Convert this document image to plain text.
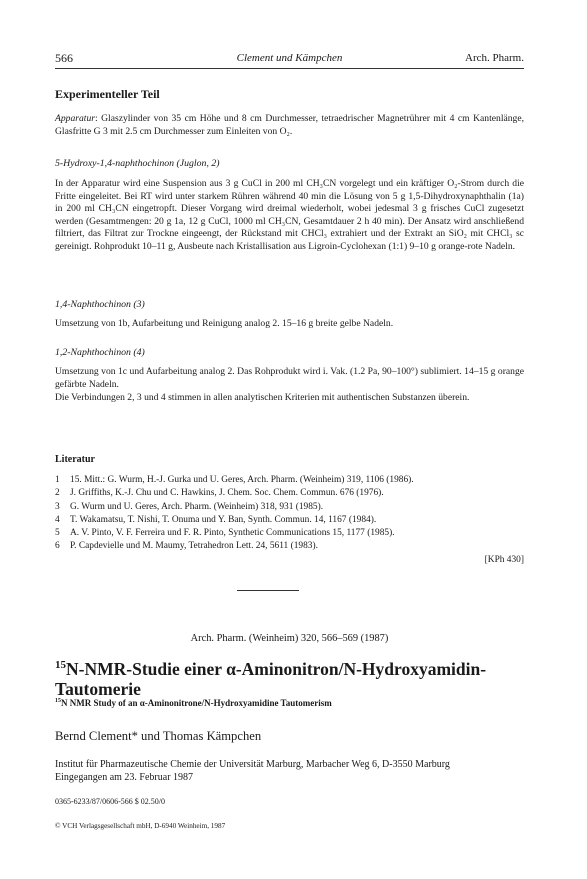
566	Clement und Kämpchen	Arch. Pharm.
Experimenteller Teil
Apparatur: Glaszylinder von 35 cm Höhe und 8 cm Durchmesser, tetraedrischer Magnetrührer mit 4 cm Kantenlänge, Glasfritte G 3 mit 2.5 cm Durchmesser zum Einleiten von O₂.
5-Hydroxy-1,4-naphthochinon (Juglon, 2)
In der Apparatur wird eine Suspension aus 3 g CuCl in 200 ml CH₃CN vorgelegt und ein kräftiger O₂-Strom durch die Fritte eingeleitet. Bei RT wird unter starkem Rühren während 40 min die Lösung von 5 g 1,5-Dihydroxynaphthalin (1a) in 200 ml CH₃CN eingetropft. Dieser Vorgang wird dreimal wiederholt, wobei jedesmal 3 g frisches CuCl zugesetzt werden (Gesamtmengen: 20 g 1a, 12 g CuCl, 1000 ml CH₃CN, Gesamtdauer 2 h 40 min). Der Ansatz wird anschließend filtriert, das Filtrat zur Trockne eingeengt, der Rückstand mit CHCl₃ extrahiert und der Extrakt an SiO₂ mit CHCl₃ sc gereinigt. Rohprodukt 10–11 g, Ausbeute nach Kristallisation aus Ligroin-Cyclohexan (1:1) 9–10 g orange-rote Nadeln.
1,4-Naphthochinon (3)
Umsetzung von 1b, Aufarbeitung und Reinigung analog 2. 15–16 g breite gelbe Nadeln.
1,2-Naphthochinon (4)
Umsetzung von 1c und Aufarbeitung analog 2. Das Rohprodukt wird i. Vak. (1.2 Pa, 90–100°) sublimiert. 14–15 g orange gefärbte Nadeln.
Die Verbindungen 2, 3 und 4 stimmen in allen analytischen Kriterien mit authentischen Substanzen überein.
Literatur
1	15. Mitt.: G. Wurm, H.-J. Gurka und U. Geres, Arch. Pharm. (Weinheim) 319, 1106 (1986).
2	J. Griffiths, K.-J. Chu und C. Hawkins, J. Chem. Soc. Chem. Commun. 676 (1976).
3	G. Wurm und U. Geres, Arch. Pharm. (Weinheim) 318, 931 (1985).
4	T. Wakamatsu, T. Nishi, T. Onuma und Y. Ban, Synth. Commun. 14, 1167 (1984).
5	A. V. Pinto, V. F. Ferreira und F. R. Pinto, Synthetic Communications 15, 1177 (1985).
6	P. Capdevielle und M. Maumy, Tetrahedron Lett. 24, 5611 (1983).
[KPh 430]
Arch. Pharm. (Weinheim) 320, 566–569 (1987)
$^{15}$N-NMR-Studie einer α-Aminonitron/N-Hydroxyamidin-Tautomerie
$^{15}$N NMR Study of an α-Aminonitrone/N-Hydroxyamidine Tautomerism
Bernd Clement* und Thomas Kämpchen
Institut für Pharmazeutische Chemie der Universität Marburg, Marbacher Weg 6, D-3550 Marburg
Eingegangen am 23. Februar 1987
0365-6233/87/0606-566 $ 02.50/0
© VCH Verlagsgesellschaft mbH, D-6940 Weinheim, 1987
